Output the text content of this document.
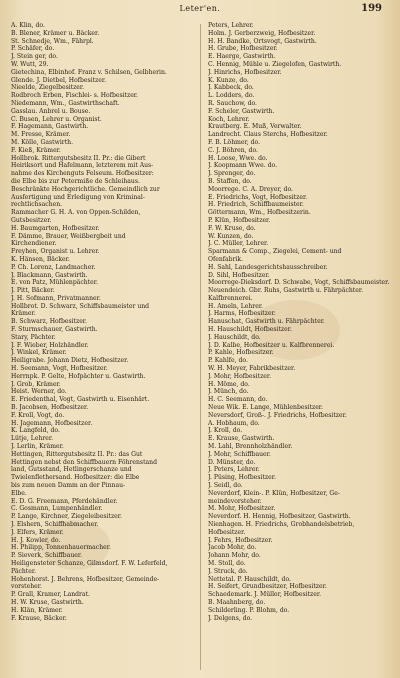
Leter'en.	199
A. Klin, do.
B. Blener, Krämer u. Bäcker.
St. Schnedje, Wm., Fährpl.
P. Schäfer, do.
J. Stein ger, do.
W. Wutt, 29.
Gietechina, Elbinhof. Franz v. Schilsen, Gelbherin.
Glende. J. Dietbel, Hofbesitzer.
Nieelde, Ziegelbesitzer.
Rodbroch Erben, Fischlei- s. Hofbesitzer.
Niedemann, Wm., Gastwirthschaft.
Gasslau. Anbrel u. Bouse.
C. Busen, Lehrer u. Organist.
F. Hagemann, Gastwirth.
M. Fresse, Krämer.
M. Kölle, Gastwirth.
F. Kieß, Krämer.
Hollbrok. Rittergutsbesitz II. Pr.: die Gibert
Heiriksort und Hafelmann, letzterem mit Aus-
nahme des Kirchenguts Felseum. Hofbesitzer:
die Elbe bis zur Petermiße de Schleihaus.
Beschränkte Hochgerichtliche. Gemeindlich zur
Ausfertigung und Erledigung von Kriminal-
rechtlichsachen.
Rammacher G. H. A. von Oppen-Schilden,
Gutsbesitzer.
H. Baumgarten, Hofbesitzer.
F. Dämme, Brauer, Weißbergbeit und
Kirchendiener.
Freyhen, Organist u. Lehrer.
K. Hänsen, Bäcker.
P. Ch. Lorenz, Landmacher.
J. Blackmann, Gastwirth.
E. von Patz, Mühlenpächter.
J. Pitt, Bäcker.
J. H. Sofmann, Privatmanner.
Hollbrot. D. Schwarz, Schiffsbaumeister und
Krämer.
B. Schwarz, Hofbesitzer.
F. Sturmschauer, Gastwirth.
Stary, Pächter.
J. F. Wieber, Holzhändler.
J. Winkel, Krämer.
Heiligrabe. Johann Dietz, Hofbesitzer.
H. Seemann, Vogt, Hofbesitzer.
Herrnpk. P. Gelte, Hofpächter u. Gastwirth.
J. Grob, Krämer.
Heist. Werner, do.
E. Friedenthal, Vogt, Gastwirth u. Eisenhärt.
B. Jacobsen, Hofbesitzer.
F. Kroll, Vogt, do.
H. Jagemann, Hofbesitzer.
K. Langfeld, do.
Lütje, Lehrer.
J. Lerlin, Krämer.
Hettingen, Rittergutsbesitz II. Pr.: das Gut
Hettingen nebst den Schiffbauern Föhrenstand
land, Gutsstand, Hetlingerschanze und
Twielenflethersand. Hofbesitzer: die Elbe
bis zum neuen Damm an der Pinnau-
Elbe.
E. D. G. Freemann, Pferdehändler.
C. Gosmann, Lumpenhändler.
P. Lange, Kirchner, Ziegeleibesitzer.
J. Elshern, Schiffhabmacher.
J. Elfers, Krämer.
H. J. Kowler, do.
H. Philipp, Tonnenhauermacher.
P. Sieverk, Schiffbauer.
Heiligensteter Schanze, Gilmsdorf. F. W. Leferfeld,
Pächter.
Hohenhorst. J. Behrens, Hofbesitzer, Gemeinde-
vorsteher.
P. Grall, Kramer, Landrat.
H. W. Kruse, Gastwirth.
H. Klän, Krämer.
F. Krause, Bäcker.
Peters, Lehrer.
Holm. J. Gerberzweig, Hofbesitzer.
H. H. Bandke, Ortsvogt, Gastwirth.
H. Grube, Hofbesitzer.
E. Haerge, Gastwirth.
C. Hennig, Mühle u. Ziegelofen, Gastwirth.
J. Hinrichs, Hofbesitzer.
K. Kunze, do.
J. Kabbeck, do.
L. Lodders, do.
R. Sauchow, do.
F. Scheler, Gastwirth.
Koch, Lehrer.
Krautberg. E. Muß, Verwalter.
Landrecht. Claus Sterchs, Hofbesitzer.
F. B. Löhmer, do.
C. J. Böhren, do.
H. Loose, Wwe. do.
J. Koopmann Wwe. do.
J. Sprenger, do.
B. Staffen, do.
Moorrege. C. A. Dreyer, do.
E. Friedrichs, Vogt, Hofbesitzer.
H. Friedrich, Schiffbaumeister.
Göttermann, Wm., Hofbesitzerin.
P. Klün, Hofbesitzer.
F. W. Kruse, do.
W. Kunzen, do.
J. C. Müller, Lehrer.
Sparmann & Comp., Ziegelei, Cement- und
Ofenfabrik.
H. Sahl, Landesgerichtshausschreiber.
D. Sihl, Hofbesitzer.
Moorrege-Dieksdorf. D. Schwabe, Vogt, Schiffsbaumeister.
Neuendeich. Gbr. Ruhs, Gastwirth u. Fährpächter.
Kalfbrennerei.
H. Ameln, Lehrer.
J. Harms, Hofbesitzer.
Hanuschat, Gastwirth u. Fährpächter.
H. Hauschildt, Hofbesitzer.
J. Hauschildt, do.
J. D. Kalbe, Hofbesitzer u. Kalfbrennerei.
P. Kahle, Hofbesitzer.
P. Kahlfe, do.
W. H. Meyer, Fabrikbesitzer.
J. Mohr, Hofbesitzer.
H. Möme, do.
J. Münch, do.
H. C. Seemann, do.
Neue Wik. E. Lange, Mühlenbesitzer.
Neversdorf, Groß-. J. Friedrichs, Hofbesitzer.
A. Hobhaum, do.
J. Kroll, do.
E. Krause, Gastwirth.
M. Lahl, Brennholzhändler.
J. Mohr, Schiffbauer.
D. Münster, do.
J. Peters, Lehrer.
J. Püsing, Hofbesitzer.
J. Seidl, do.
Neverdorf, Klein-. P. Klün, Hofbesitzer, Ge-
meindevorsteher.
M. Mohr, Hofbesitzer.
Neverdorf. H. Hennig, Hofbesitzer, Gastwirth.
Nienhagen. H. Friedrichs, Grobhandelsbetrieb,
Hofbesitzer.
J. Fehrs, Hofbesitzer.
Jacob Mohr, do.
Johann Mohr, do.
M. Stoll, do.
J. Struck, do.
Nettetal. P. Hauschildt, do.
H. Seifert, Grundbesitzer, Hofbesitzer.
Schaedemark. J. Müller, Hofbesitzer.
B. Maahnberg, do.
Schilderling. P. Blohm, do.
J. Delgens, do.
